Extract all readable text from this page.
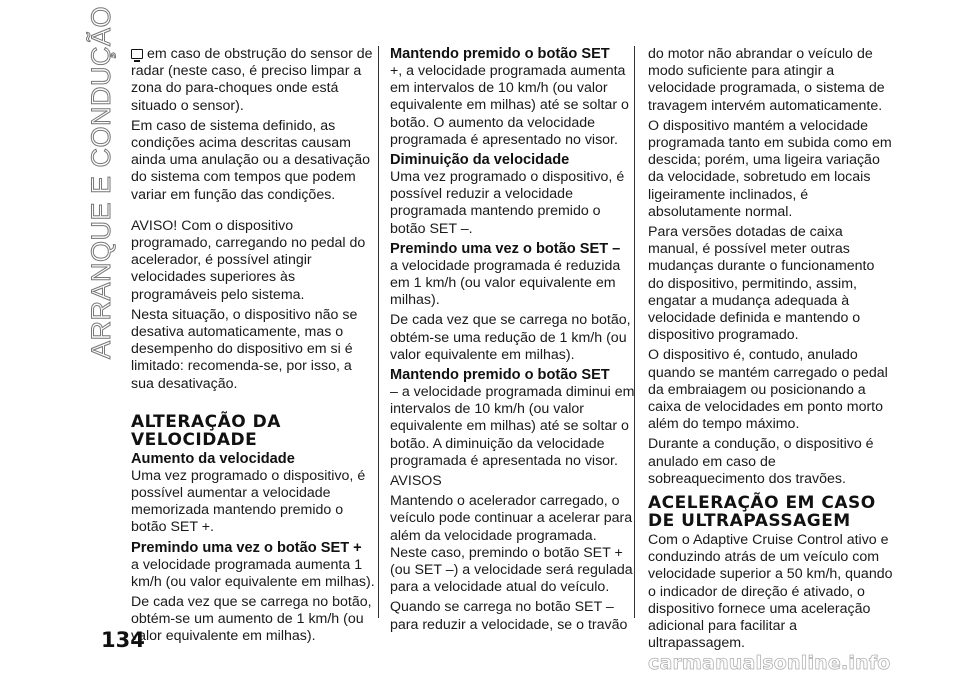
ARRANQUE E CONDUÇÃO	em caso de obstrução do sensor de radar (neste caso, é preciso limpar a zona do para-choques onde está situado o sensor).

Em caso de sistema definido, as condições acima descritas causam ainda uma anulação ou a desativação do sistema com tempos que podem variar em função das condições.

AVISO! Com o dispositivo programado, carregando no pedal do acelerador, é possível atingir velocidades superiores às programáveis pelo sistema.

Nesta situação, o dispositivo não se desativa automaticamente, mas o desempenho do dispositivo em si é limitado: recomenda-se, por isso, a sua desativação.

ALTERAÇÃO DA VELOCIDADE
Aumento da velocidade

Uma vez programado o dispositivo, é possível aumentar a velocidade memorizada mantendo premido o botão SET +.

Premindo uma vez o botão SET +

a velocidade programada aumenta 1 km/h (ou valor equivalente em milhas).

De cada vez que se carrega no botão, obtém-se um aumento de 1 km/h (ou valor equivalente em milhas).

Mantendo premido o botão SET

+, a velocidade programada aumenta em intervalos de 10 km/h (ou valor equivalente em milhas) até se soltar o botão. O aumento da velocidade programada é apresentado no visor.

Diminuição da velocidade

Uma vez programado o dispositivo, é possível reduzir a velocidade programada mantendo premido o botão SET –.

Premindo uma vez o botão SET –

a velocidade programada é reduzida em 1 km/h (ou valor equivalente em milhas).

De cada vez que se carrega no botão, obtém-se uma redução de 1 km/h (ou valor equivalente em milhas).

Mantendo premido o botão SET

– a velocidade programada diminui em intervalos de 10 km/h (ou valor equivalente em milhas) até se soltar o botão. A diminuição da velocidade programada é apresentada no visor.

AVISOS

Mantendo o acelerador carregado, o veículo pode continuar a acelerar para além da velocidade programada. Neste caso, premindo o botão SET + (ou SET –) a velocidade será regulada para a velocidade atual do veículo.

Quando se carrega no botão SET – para reduzir a velocidade, se o travão

do motor não abrandar o veículo de modo suficiente para atingir a velocidade programada, o sistema de travagem intervém automaticamente.

O dispositivo mantém a velocidade programada tanto em subida como em descida; porém, uma ligeira variação da velocidade, sobretudo em locais ligeiramente inclinados, é absolutamente normal.

Para versões dotadas de caixa manual, é possível meter outras mudanças durante o funcionamento do dispositivo, permitindo, assim, engatar a mudança adequada à velocidade definida e mantendo o dispositivo programado.

O dispositivo é, contudo, anulado quando se mantém carregado o pedal da embraiagem ou posicionando a caixa de velocidades em ponto morto além do tempo máximo.

Durante a condução, o dispositivo é anulado em caso de sobreaquecimento dos travões.

ACELERAÇÃO EM CASO DE ULTRAPASSAGEM

Com o Adaptive Cruise Control ativo e conduzindo atrás de um veículo com velocidade superior a 50 km/h, quando o indicador de direção é ativado, o dispositivo fornece uma aceleração adicional para facilitar a ultrapassagem.

134
carmanualsonline.info
